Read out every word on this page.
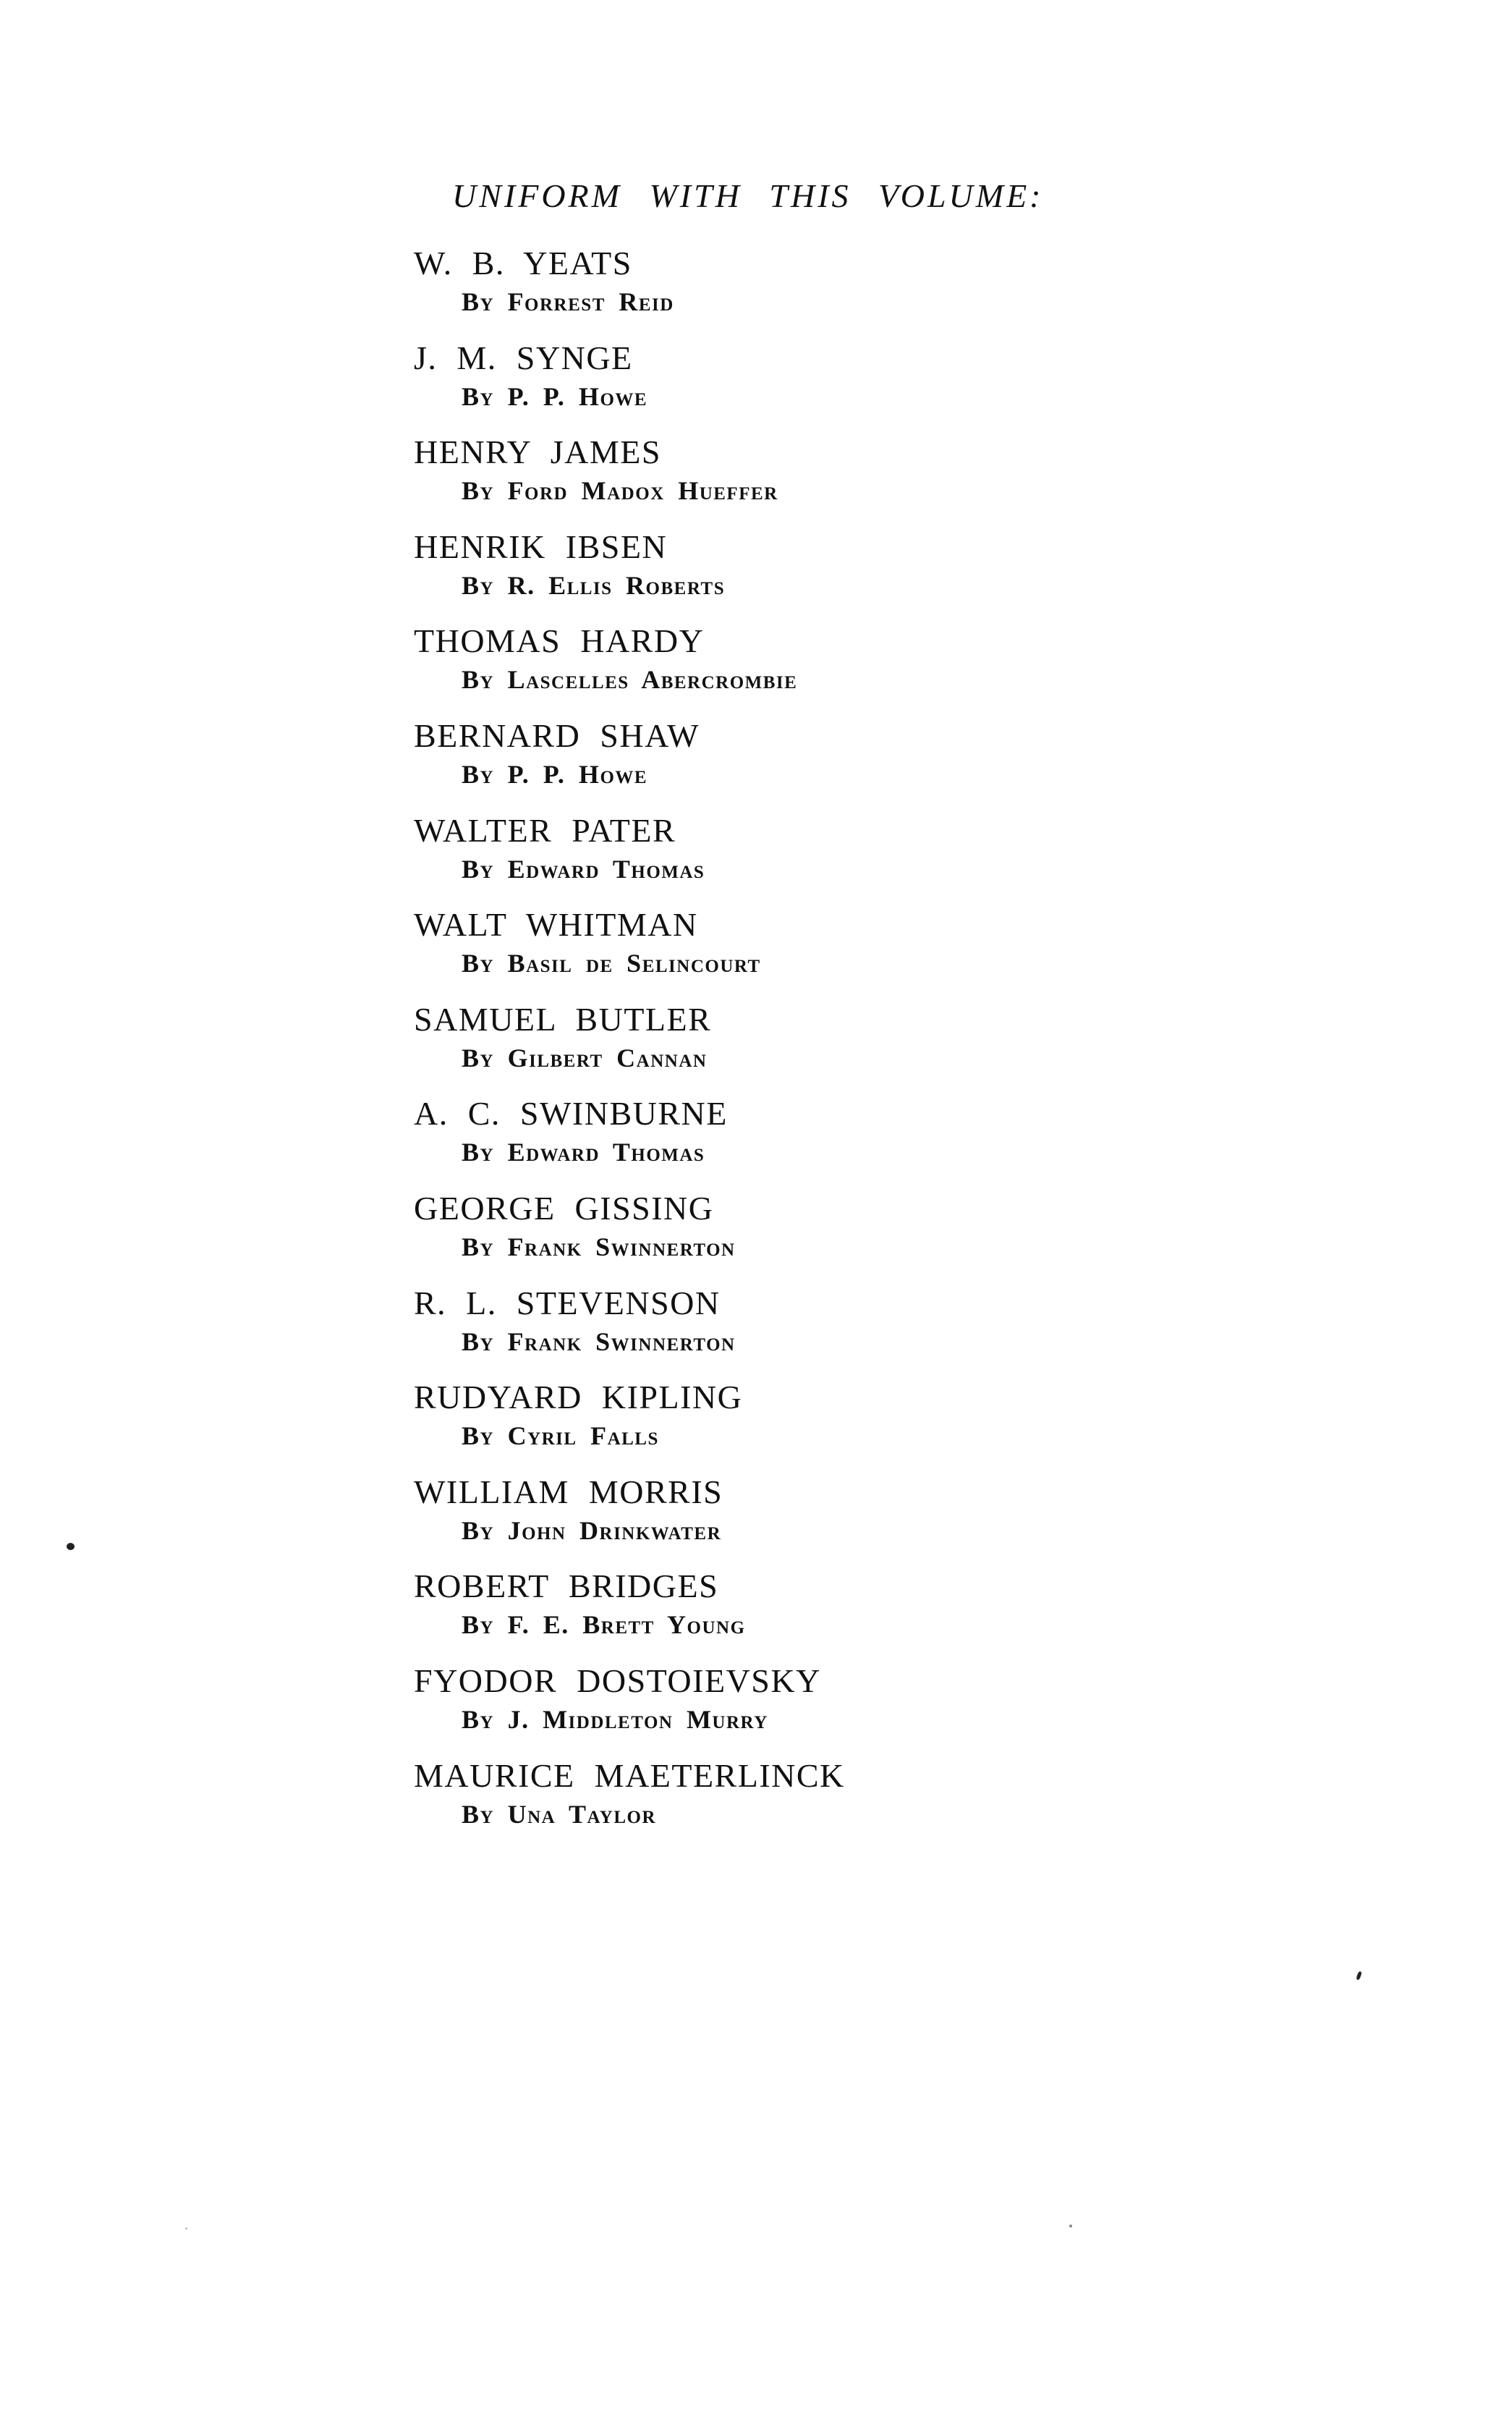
UNIFORM WITH THIS VOLUME:
W. B. YEATS
By Forrest Reid
J. M. SYNGE
By P. P. Howe
HENRY JAMES
By Ford Madox Hueffer
HENRIK IBSEN
By R. Ellis Roberts
THOMAS HARDY
By Lascelles Abercrombie
BERNARD SHAW
By P. P. Howe
WALTER PATER
By Edward Thomas
WALT WHITMAN
By Basil de Selincourt
SAMUEL BUTLER
By Gilbert Cannan
A. C. SWINBURNE
By Edward Thomas
GEORGE GISSING
By Frank Swinnerton
R. L. STEVENSON
By Frank Swinnerton
RUDYARD KIPLING
By Cyril Falls
WILLIAM MORRIS
By John Drinkwater
ROBERT BRIDGES
By F. E. Brett Young
FYODOR DOSTOIEVSKY
By J. Middleton Murry
MAURICE MAETERLINCK
By Una Taylor
